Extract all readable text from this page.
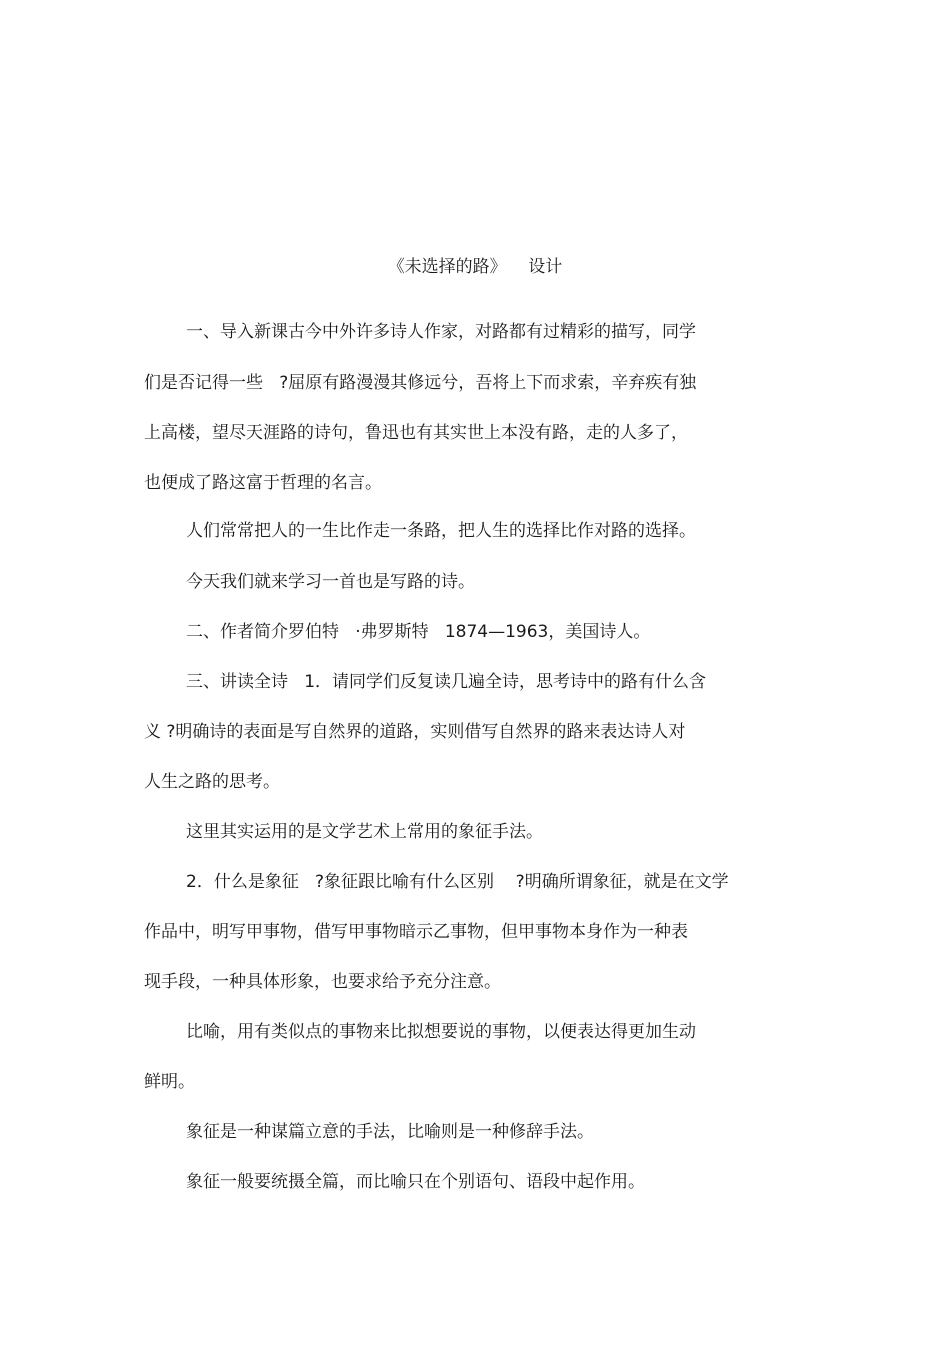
《未选择的路》    设计

一、导入新课古今中外许多诗人作家，对路都有过精彩的描写，同学

们是否记得一些   ?屈原有路漫漫其修远兮，吾将上下而求索，辛弃疾有独

上高楼，望尽天涯路的诗句，鲁迅也有其实世上本没有路，走的人多了，

也便成了路这富于哲理的名言。

人们常常把人的一生比作走一条路，把人生的选择比作对路的选择。

今天我们就来学习一首也是写路的诗。

二、作者简介罗伯特   ·弗罗斯特   1874—1963，美国诗人。

三、讲读全诗   1．请同学们反复读几遍全诗，思考诗中的路有什么含

义 ?明确诗的表面是写自然界的道路，实则借写自然界的路来表达诗人对

人生之路的思考。

这里其实运用的是文学艺术上常用的象征手法。

2．什么是象征   ?象征跟比喻有什么区别    ?明确所谓象征，就是在文学

作品中，明写甲事物，借写甲事物暗示乙事物，但甲事物本身作为一种表

现手段，一种具体形象，也要求给予充分注意。

比喻，用有类似点的事物来比拟想要说的事物，以便表达得更加生动

鲜明。

象征是一种谋篇立意的手法，比喻则是一种修辞手法。

象征一般要统摄全篇，而比喻只在个别语句、语段中起作用。
